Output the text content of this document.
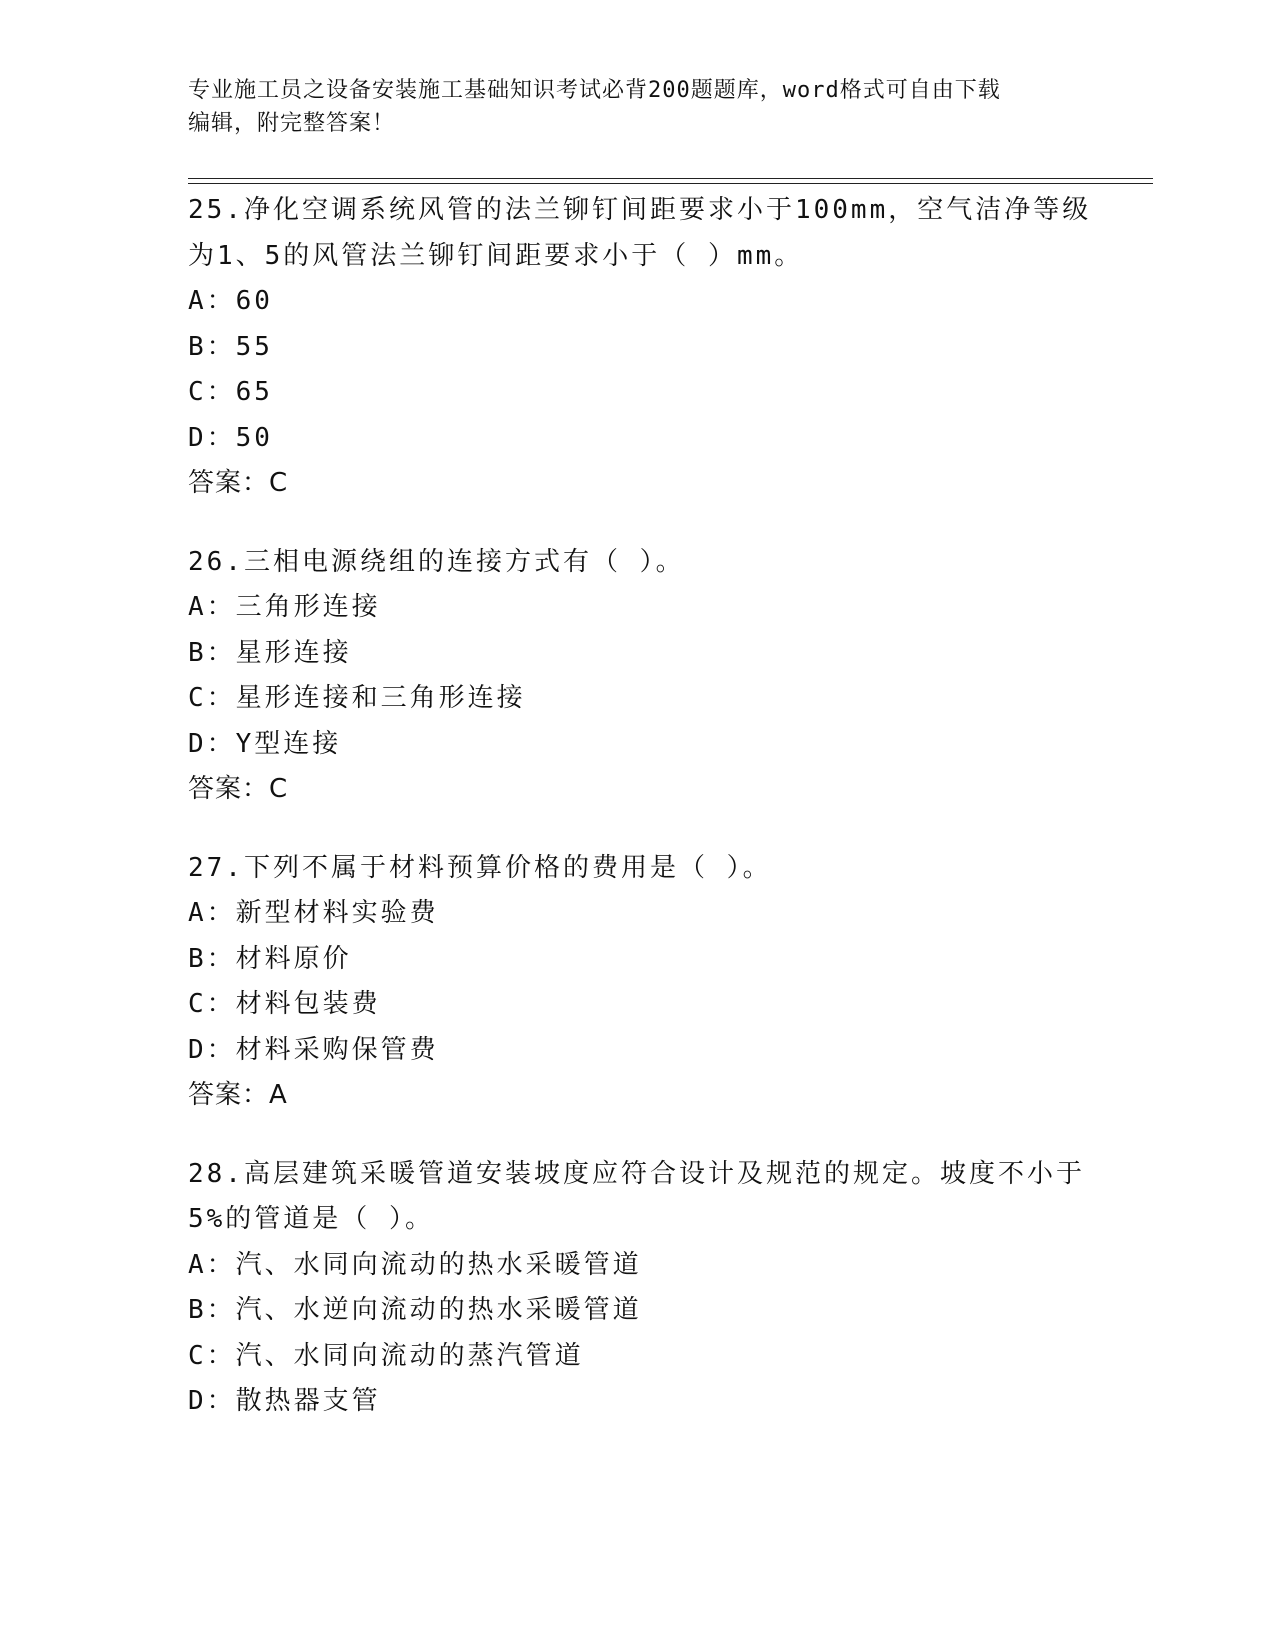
专业施工员之设备安装施工基础知识考试必背200题题库，word格式可自由下载
编辑，附完整答案！
25.净化空调系统风管的法兰铆钉间距要求小于100mm，空气洁净等级
为1、5的风管法兰铆钉间距要求小于（ ）mm。
A：60
B：55
C：65
D：50
答案：C
26.三相电源绕组的连接方式有（ ）。
A：三角形连接
B：星形连接
C：星形连接和三角形连接
D：Y型连接
答案：C
27.下列不属于材料预算价格的费用是（ ）。
A：新型材料实验费
B：材料原价
C：材料包装费
D：材料采购保管费
答案：A
28.高层建筑采暖管道安装坡度应符合设计及规范的规定。坡度不小于
5%的管道是（ ）。
A：汽、水同向流动的热水采暖管道
B：汽、水逆向流动的热水采暖管道
C：汽、水同向流动的蒸汽管道
D：散热器支管
